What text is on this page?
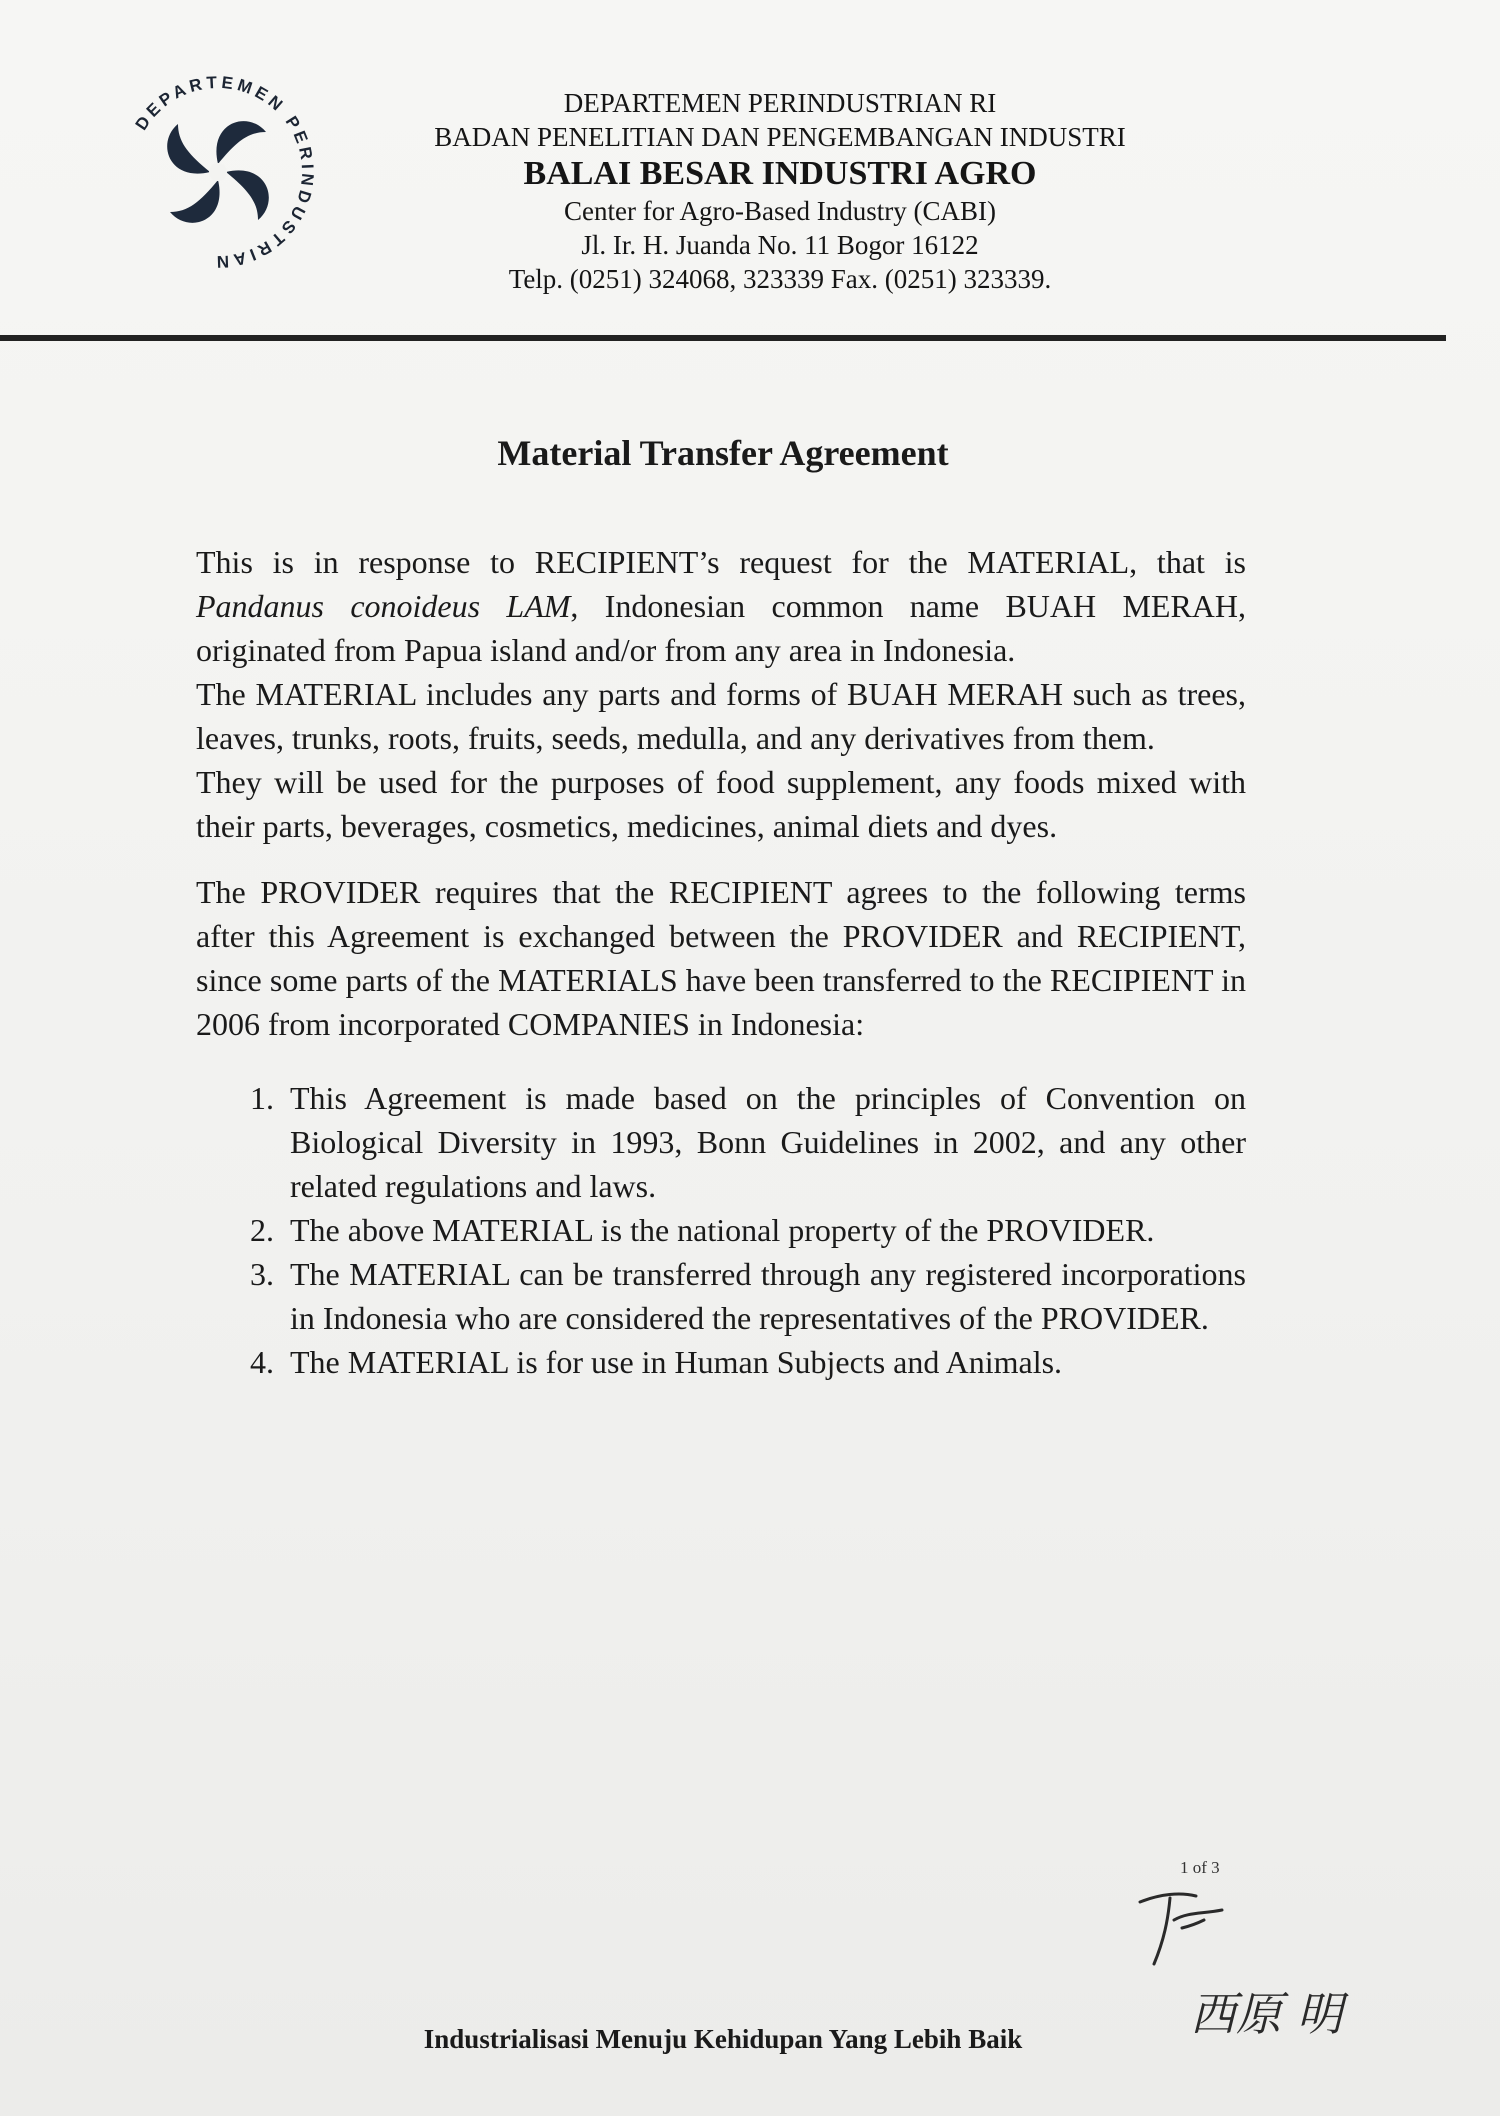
DEPARTEMEN PERINDUSTRIAN
DEPARTEMEN PERINDUSTRIAN RI
BADAN PENELITIAN DAN PENGEMBANGAN INDUSTRI
BALAI BESAR INDUSTRI AGRO
Center for Agro-Based Industry (CABI)
Jl. Ir. H. Juanda No. 11 Bogor 16122
Telp. (0251) 324068, 323339 Fax. (0251) 323339.
Material Transfer Agreement

This is in response to RECIPIENT’s request for the MATERIAL, that is Pandanus conoideus LAM, Indonesian common name BUAH MERAH, originated from Papua island and/or from any area in Indonesia.

The MATERIAL includes any parts and forms of BUAH MERAH such as trees, leaves, trunks, roots, fruits, seeds, medulla, and any derivatives from them.

They will be used for the purposes of food supplement, any foods mixed with their parts, beverages, cosmetics, medicines, animal diets and dyes.

The PROVIDER requires that the RECIPIENT agrees to the following terms after this Agreement is exchanged between the PROVIDER and RECIPIENT, since some parts of the MATERIALS have been transferred to the RECIPIENT in 2006 from incorporated COMPANIES in Indonesia:

1. This Agreement is made based on the principles of Convention on Biological Diversity in 1993, Bonn Guidelines in 2002, and any other related regulations and laws.
2. The above MATERIAL is the national property of the PROVIDER.
3. The MATERIAL can be transferred through any registered incorporations in Indonesia who are considered the representatives of the PROVIDER.
4. The MATERIAL is for use in Human Subjects and Animals.
1 of 3
西原 明
Industrialisasi Menuju Kehidupan Yang Lebih Baik
